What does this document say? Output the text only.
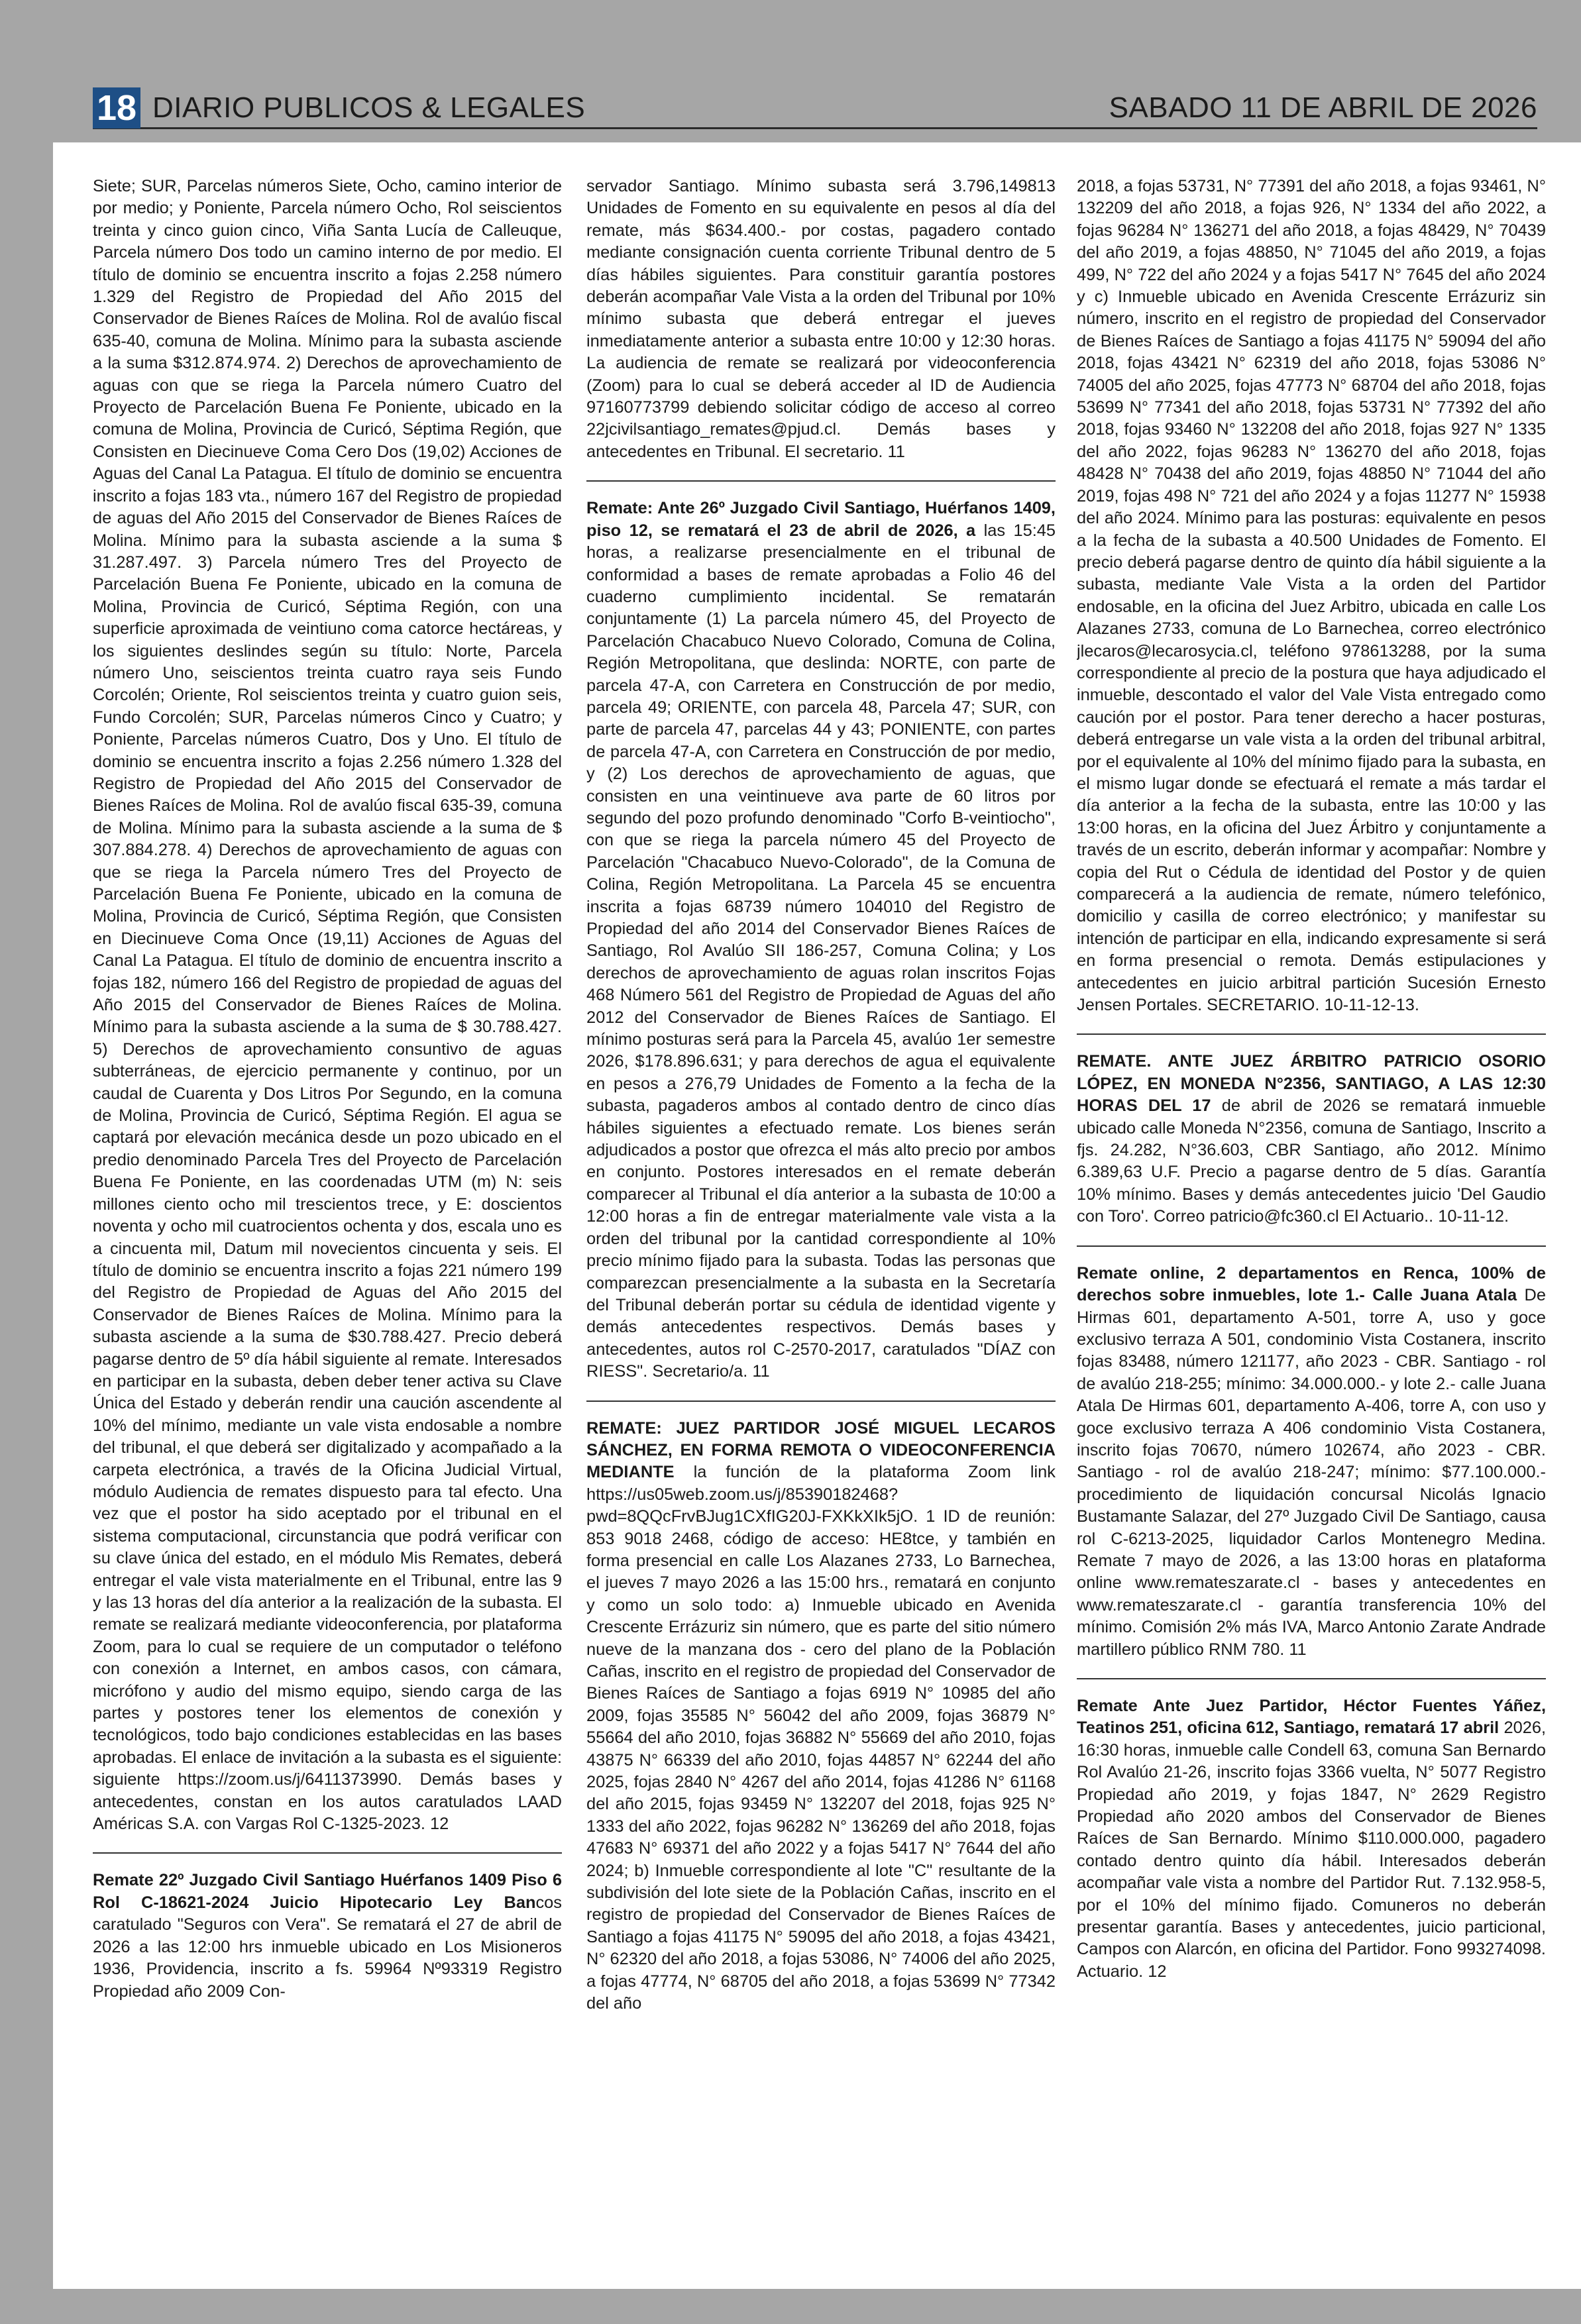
18 DIARIO PUBLICOS & LEGALES	SABADO 11 DE ABRIL DE 2026

Siete; SUR, Parcelas números Siete, Ocho, camino interior de por medio; y Poniente, Parcela número Ocho, Rol seiscientos treinta y cinco guion cinco, Viña Santa Lucía de Calleuque, Parcela número Dos todo un camino interno de por medio. El título de dominio se encuentra inscrito a fojas 2.258 número 1.329 del Registro de Propiedad del Año 2015 del Conservador de Bienes Raíces de Molina. Rol de avalúo fiscal 635-40, comuna de Molina. Mínimo para la subasta asciende a la suma $312.874.974. 2) Derechos de aprovechamiento de aguas con que se riega la Parcela número Cuatro del Proyecto de Parcelación Buena Fe Poniente, ubicado en la comuna de Molina, Provincia de Curicó, Séptima Región, que Consisten en Diecinueve Coma Cero Dos (19,02) Acciones de Aguas del Canal La Patagua. El título de dominio se encuentra inscrito a fojas 183 vta., número 167 del Registro de propiedad de aguas del Año 2015 del Conservador de Bienes Raíces de Molina. Mínimo para la subasta asciende a la suma $ 31.287.497. 3) Parcela número Tres del Proyecto de Parcelación Buena Fe Poniente, ubicado en la comuna de Molina, Provincia de Curicó, Séptima Región, con una superficie aproximada de veintiuno coma catorce hectáreas, y los siguientes deslindes según su título: Norte, Parcela número Uno, seiscientos treinta cuatro raya seis Fundo Corcolén; Oriente, Rol seiscientos treinta y cuatro guion seis, Fundo Corcolén; SUR, Parcelas números Cinco y Cuatro; y Poniente, Parcelas números Cuatro, Dos y Uno. El título de dominio se encuentra inscrito a fojas 2.256 número 1.328 del Registro de Propiedad del Año 2015 del Conservador de Bienes Raíces de Molina. Rol de avalúo fiscal 635-39, comuna de Molina. Mínimo para la subasta asciende a la suma de $ 307.884.278. 4) Derechos de aprovechamiento de aguas con que se riega la Parcela número Tres del Proyecto de Parcelación Buena Fe Poniente, ubicado en la comuna de Molina, Provincia de Curicó, Séptima Región, que Consisten en Diecinueve Coma Once (19,11) Acciones de Aguas del Canal La Patagua. El título de dominio de encuentra inscrito a fojas 182, número 166 del Registro de propiedad de aguas del Año 2015 del Conservador de Bienes Raíces de Molina. Mínimo para la subasta asciende a la suma de $ 30.788.427. 5) Derechos de aprovechamiento consuntivo de aguas subterráneas, de ejercicio permanente y continuo, por un caudal de Cuarenta y Dos Litros Por Segundo, en la comuna de Molina, Provincia de Curicó, Séptima Región. El agua se captará por elevación mecánica desde un pozo ubicado en el predio denominado Parcela Tres del Proyecto de Parcelación Buena Fe Poniente, en las coordenadas UTM (m) N: seis millones ciento ocho mil trescientos trece, y E: doscientos noventa y ocho mil cuatrocientos ochenta y dos, escala uno es a cincuenta mil, Datum mil novecientos cincuenta y seis. El título de dominio se encuentra inscrito a fojas 221 número 199 del Registro de Propiedad de Aguas del Año 2015 del Conservador de Bienes Raíces de Molina. Mínimo para la subasta asciende a la suma de $30.788.427. Precio deberá pagarse dentro de 5º día hábil siguiente al remate. Interesados en participar en la subasta, deben deber tener activa su Clave Única del Estado y deberán rendir una caución ascendente al 10% del mínimo, mediante un vale vista endosable a nombre del tribunal, el que deberá ser digitalizado y acompañado a la carpeta electrónica, a través de la Oficina Judicial Virtual, módulo Audiencia de remates dispuesto para tal efecto. Una vez que el postor ha sido aceptado por el tribunal en el sistema computacional, circunstancia que podrá verificar con su clave única del estado, en el módulo Mis Remates, deberá entregar el vale vista materialmente en el Tribunal, entre las 9 y las 13 horas del día anterior a la realización de la subasta. El remate se realizará mediante videoconferencia, por plataforma Zoom, para lo cual se requiere de un computador o teléfono con conexión a Internet, en ambos casos, con cámara, micrófono y audio del mismo equipo, siendo carga de las partes y postores tener los elementos de conexión y tecnológicos, todo bajo condiciones establecidas en las bases aprobadas. El enlace de invitación a la subasta es el siguiente: siguiente https://zoom.us/j/6411373990. Demás bases y antecedentes, constan en los autos caratulados LAAD Américas S.A. con Vargas Rol C-1325-2023. 12

Remate 22º Juzgado Civil Santiago Huérfanos 1409 Piso 6 Rol C-18621-2024 Juicio Hipotecario Ley Bancos caratulado "Seguros con Vera". Se rematará el 27 de abril de 2026 a las 12:00 hrs inmueble ubicado en Los Misioneros 1936, Providencia, inscrito a fs. 59964 Nº93319 Registro Propiedad año 2009 Con-

servador Santiago. Mínimo subasta será 3.796,149813 Unidades de Fomento en su equivalente en pesos al día del remate, más $634.400.- por costas, pagadero contado mediante consignación cuenta corriente Tribunal dentro de 5 días hábiles siguientes. Para constituir garantía postores deberán acompañar Vale Vista a la orden del Tribunal por 10% mínimo subasta que deberá entregar el jueves inmediatamente anterior a subasta entre 10:00 y 12:30 horas. La audiencia de remate se realizará por videoconferencia (Zoom) para lo cual se deberá acceder al ID de Audiencia 97160773799 debiendo solicitar código de acceso al correo 22jcivilsantiago_remates@pjud.cl. Demás bases y antecedentes en Tribunal. El secretario. 11

Remate: Ante 26º Juzgado Civil Santiago, Huérfanos 1409, piso 12, se rematará el 23 de abril de 2026, a las 15:45 horas, a realizarse presencialmente en el tribunal de conformidad a bases de remate aprobadas a Folio 46 del cuaderno cumplimiento incidental. Se rematarán conjuntamente (1) La parcela número 45, del Proyecto de Parcelación Chacabuco Nuevo Colorado, Comuna de Colina, Región Metropolitana, que deslinda: NORTE, con parte de parcela 47-A, con Carretera en Construcción de por medio, parcela 49; ORIENTE, con parcela 48, Parcela 47; SUR, con parte de parcela 47, parcelas 44 y 43; PONIENTE, con partes de parcela 47-A, con Carretera en Construcción de por medio, y (2) Los derechos de aprovechamiento de aguas, que consisten en una veintinueve ava parte de 60 litros por segundo del pozo profundo denominado "Corfo B-veintiocho", con que se riega la parcela número 45 del Proyecto de Parcelación "Chacabuco Nuevo-Colorado", de la Comuna de Colina, Región Metropolitana. La Parcela 45 se encuentra inscrita a fojas 68739 número 104010 del Registro de Propiedad del año 2014 del Conservador Bienes Raíces de Santiago, Rol Avalúo SII 186-257, Comuna Colina; y Los derechos de aprovechamiento de aguas rolan inscritos Fojas 468 Número 561 del Registro de Propiedad de Aguas del año 2012 del Conservador de Bienes Raíces de Santiago. El mínimo posturas será para la Parcela 45, avalúo 1er semestre 2026, $178.896.631; y para derechos de agua el equivalente en pesos a 276,79 Unidades de Fomento a la fecha de la subasta, pagaderos ambos al contado dentro de cinco días hábiles siguientes a efectuado remate. Los bienes serán adjudicados a postor que ofrezca el más alto precio por ambos en conjunto. Postores interesados en el remate deberán comparecer al Tribunal el día anterior a la subasta de 10:00 a 12:00 horas a fin de entregar materialmente vale vista a la orden del tribunal por la cantidad correspondiente al 10% precio mínimo fijado para la subasta. Todas las personas que comparezcan presencialmente a la subasta en la Secretaría del Tribunal deberán portar su cédula de identidad vigente y demás antecedentes respectivos. Demás bases y antecedentes, autos rol C-2570-2017, caratulados "DÍAZ con RIESS". Secretario/a. 11

REMATE: JUEZ PARTIDOR JOSÉ MIGUEL LECAROS SÁNCHEZ, EN FORMA REMOTA O VIDEOCONFERENCIA MEDIANTE la función de la plataforma Zoom link https://us05web.zoom.us/j/85390182468?pwd=8QQcFrvBJug1CXfIG20J-FXKkXIk5jO. 1 ID de reunión: 853 9018 2468, código de acceso: HE8tce, y también en forma presencial en calle Los Alazanes 2733, Lo Barnechea, el jueves 7 mayo 2026 a las 15:00 hrs., rematará en conjunto y como un solo todo: a) Inmueble ubicado en Avenida Crescente Errázuriz sin número, que es parte del sitio número nueve de la manzana dos - cero del plano de la Población Cañas, inscrito en el registro de propiedad del Conservador de Bienes Raíces de Santiago a fojas 6919 N° 10985 del año 2009, fojas 35585 N° 56042 del año 2009, fojas 36879 N° 55664 del año 2010, fojas 36882 N° 55669 del año 2010, fojas 43875 N° 66339 del año 2010, fojas 44857 N° 62244 del año 2025, fojas 2840 N° 4267 del año 2014, fojas 41286 N° 61168 del año 2015, fojas 93459 N° 132207 del 2018, fojas 925 N° 1333 del año 2022, fojas 96282 N° 136269 del año 2018, fojas 47683 N° 69371 del año 2022 y a fojas 5417 N° 7644 del año 2024; b) Inmueble correspondiente al lote "C" resultante de la subdivisión del lote siete de la Población Cañas, inscrito en el registro de propiedad del Conservador de Bienes Raíces de Santiago a fojas 41175 N° 59095 del año 2018, a fojas 43421, N° 62320 del año 2018, a fojas 53086, N° 74006 del año 2025, a fojas 47774, N° 68705 del año 2018, a fojas 53699 N° 77342 del año

2018, a fojas 53731, N° 77391 del año 2018, a fojas 93461, N° 132209 del año 2018, a fojas 926, N° 1334 del año 2022, a fojas 96284 N° 136271 del año 2018, a fojas 48429, N° 70439 del año 2019, a fojas 48850, N° 71045 del año 2019, a fojas 499, N° 722 del año 2024 y a fojas 5417 N° 7645 del año 2024 y c) Inmueble ubicado en Avenida Crescente Errázuriz sin número, inscrito en el registro de propiedad del Conservador de Bienes Raíces de Santiago a fojas 41175 N° 59094 del año 2018, fojas 43421 N° 62319 del año 2018, fojas 53086 N° 74005 del año 2025, fojas 47773 N° 68704 del año 2018, fojas 53699 N° 77341 del año 2018, fojas 53731 N° 77392 del año 2018, fojas 93460 N° 132208 del año 2018, fojas 927 N° 1335 del año 2022, fojas 96283 N° 136270 del año 2018, fojas 48428 N° 70438 del año 2019, fojas 48850 N° 71044 del año 2019, fojas 498 N° 721 del año 2024 y a fojas 11277 N° 15938 del año 2024. Mínimo para las posturas: equivalente en pesos a la fecha de la subasta a 40.500 Unidades de Fomento. El precio deberá pagarse dentro de quinto día hábil siguiente a la subasta, mediante Vale Vista a la orden del Partidor endosable, en la oficina del Juez Arbitro, ubicada en calle Los Alazanes 2733, comuna de Lo Barnechea, correo electrónico jlecaros@lecarosycia.cl, teléfono 978613288, por la suma correspondiente al precio de la postura que haya adjudicado el inmueble, descontado el valor del Vale Vista entregado como caución por el postor. Para tener derecho a hacer posturas, deberá entregarse un vale vista a la orden del tribunal arbitral, por el equivalente al 10% del mínimo fijado para la subasta, en el mismo lugar donde se efectuará el remate a más tardar el día anterior a la fecha de la subasta, entre las 10:00 y las 13:00 horas, en la oficina del Juez Árbitro y conjuntamente a través de un escrito, deberán informar y acompañar: Nombre y copia del Rut o Cédula de identidad del Postor y de quien comparecerá a la audiencia de remate, número telefónico, domicilio y casilla de correo electrónico; y manifestar su intención de participar en ella, indicando expresamente si será en forma presencial o remota. Demás estipulaciones y antecedentes en juicio arbitral partición Sucesión Ernesto Jensen Portales. SECRETARIO. 10-11-12-13.

REMATE. ANTE JUEZ ÁRBITRO PATRICIO OSORIO LÓPEZ, EN MONEDA N°2356, SANTIAGO, A LAS 12:30 HORAS DEL 17 de abril de 2026 se rematará inmueble ubicado calle Moneda N°2356, comuna de Santiago, Inscrito a fjs. 24.282, N°36.603, CBR Santiago, año 2012. Mínimo 6.389,63 U.F. Precio a pagarse dentro de 5 días. Garantía 10% mínimo. Bases y demás antecedentes juicio 'Del Gaudio con Toro'. Correo patricio@fc360.cl El Actuario.. 10-11-12.

Remate online, 2 departamentos en Renca, 100% de derechos sobre inmuebles, lote 1.- Calle Juana Atala De Hirmas 601, departamento A-501, torre A, uso y goce exclusivo terraza A 501, condominio Vista Costanera, inscrito fojas 83488, número 121177, año 2023 - CBR. Santiago - rol de avalúo 218-255; mínimo: 34.000.000.- y lote 2.- calle Juana Atala De Hirmas 601, departamento A-406, torre A, con uso y goce exclusivo terraza A 406 condominio Vista Costanera, inscrito fojas 70670, número 102674, año 2023 - CBR. Santiago - rol de avalúo 218-247; mínimo: $77.100.000.- procedimiento de liquidación concursal Nicolás Ignacio Bustamante Salazar, del 27º Juzgado Civil De Santiago, causa rol C-6213-2025, liquidador Carlos Montenegro Medina. Remate 7 mayo de 2026, a las 13:00 horas en plataforma online www.remateszarate.cl - bases y antecedentes en www.remateszarate.cl - garantía transferencia 10% del mínimo. Comisión 2% más IVA, Marco Antonio Zarate Andrade martillero público RNM 780. 11

Remate Ante Juez Partidor, Héctor Fuentes Yáñez, Teatinos 251, oficina 612, Santiago, rematará 17 abril 2026, 16:30 horas, inmueble calle Condell 63, comuna San Bernardo Rol Avalúo 21-26, inscrito fojas 3366 vuelta, N° 5077 Registro Propiedad año 2019, y fojas 1847, N° 2629 Registro Propiedad año 2020 ambos del Conservador de Bienes Raíces de San Bernardo. Mínimo $110.000.000, pagadero contado dentro quinto día hábil. Interesados deberán acompañar vale vista a nombre del Partidor Rut. 7.132.958-5, por el 10% del mínimo fijado. Comuneros no deberán presentar garantía. Bases y antecedentes, juicio particional, Campos con Alarcón, en oficina del Partidor. Fono 993274098. Actuario. 12
